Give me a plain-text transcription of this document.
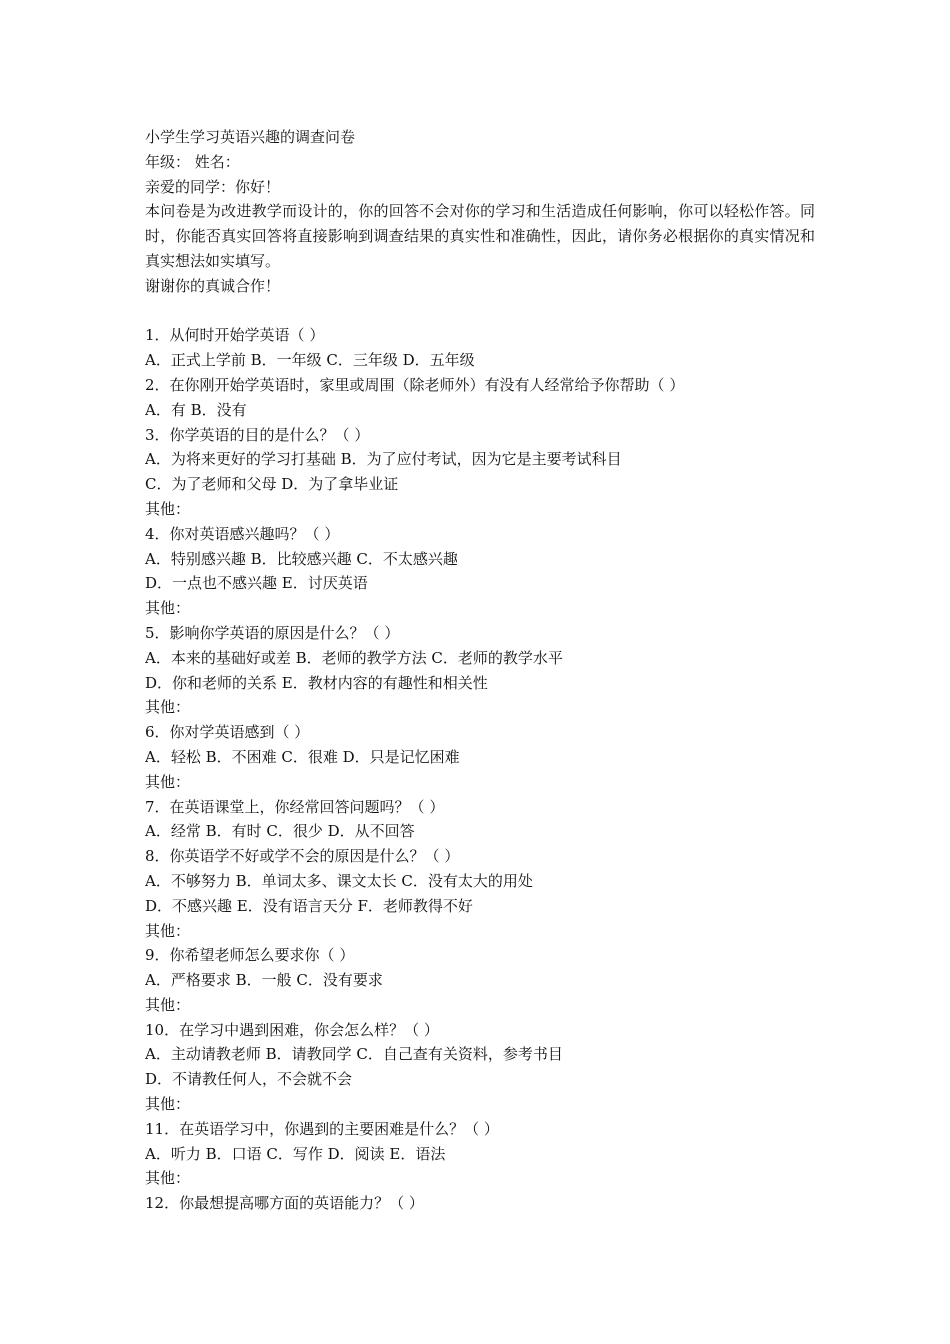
小学生学习英语兴趣的调查问卷
年级： 姓名：
亲爱的同学：你好！
本问卷是为改进教学而设计的，你的回答不会对你的学习和生活造成任何影响，你可以轻松作答。同时，你能否真实回答将直接影响到调查结果的真实性和准确性，因此，请你务必根据你的真实情况和真实想法如实填写。
谢谢你的真诚合作！
1．从何时开始学英语（ ）
A．正式上学前 B．一年级 C．三年级 D．五年级
2．在你刚开始学英语时，家里或周围（除老师外）有没有人经常给予你帮助（ ）
A．有 B．没有
3．你学英语的目的是什么？（ ）
A．为将来更好的学习打基础 B．为了应付考试，因为它是主要考试科目
C．为了老师和父母 D．为了拿毕业证
其他：
4．你对英语感兴趣吗？（ ）
A．特别感兴趣 B．比较感兴趣 C．不太感兴趣
D．一点也不感兴趣 E．讨厌英语
其他：
5．影响你学英语的原因是什么？（ ）
A．本来的基础好或差 B．老师的教学方法 C．老师的教学水平
D．你和老师的关系 E．教材内容的有趣性和相关性
其他：
6．你对学英语感到（ ）
A．轻松 B．不困难 C．很难 D．只是记忆困难
其他：
7．在英语课堂上，你经常回答问题吗？（ ）
A．经常 B．有时 C．很少 D．从不回答
8．你英语学不好或学不会的原因是什么？（ ）
A．不够努力 B．单词太多、课文太长 C．没有太大的用处
D．不感兴趣 E．没有语言天分 F．老师教得不好
其他：
9．你希望老师怎么要求你（ ）
A．严格要求 B．一般 C．没有要求
其他：
10．在学习中遇到困难，你会怎么样？（ ）
A．主动请教老师 B．请教同学 C．自己查有关资料，参考书目
D．不请教任何人，不会就不会
其他：
11．在英语学习中，你遇到的主要困难是什么？（ ）
A．听力 B．口语 C．写作 D．阅读 E．语法
其他：
12．你最想提高哪方面的英语能力？（ ）
